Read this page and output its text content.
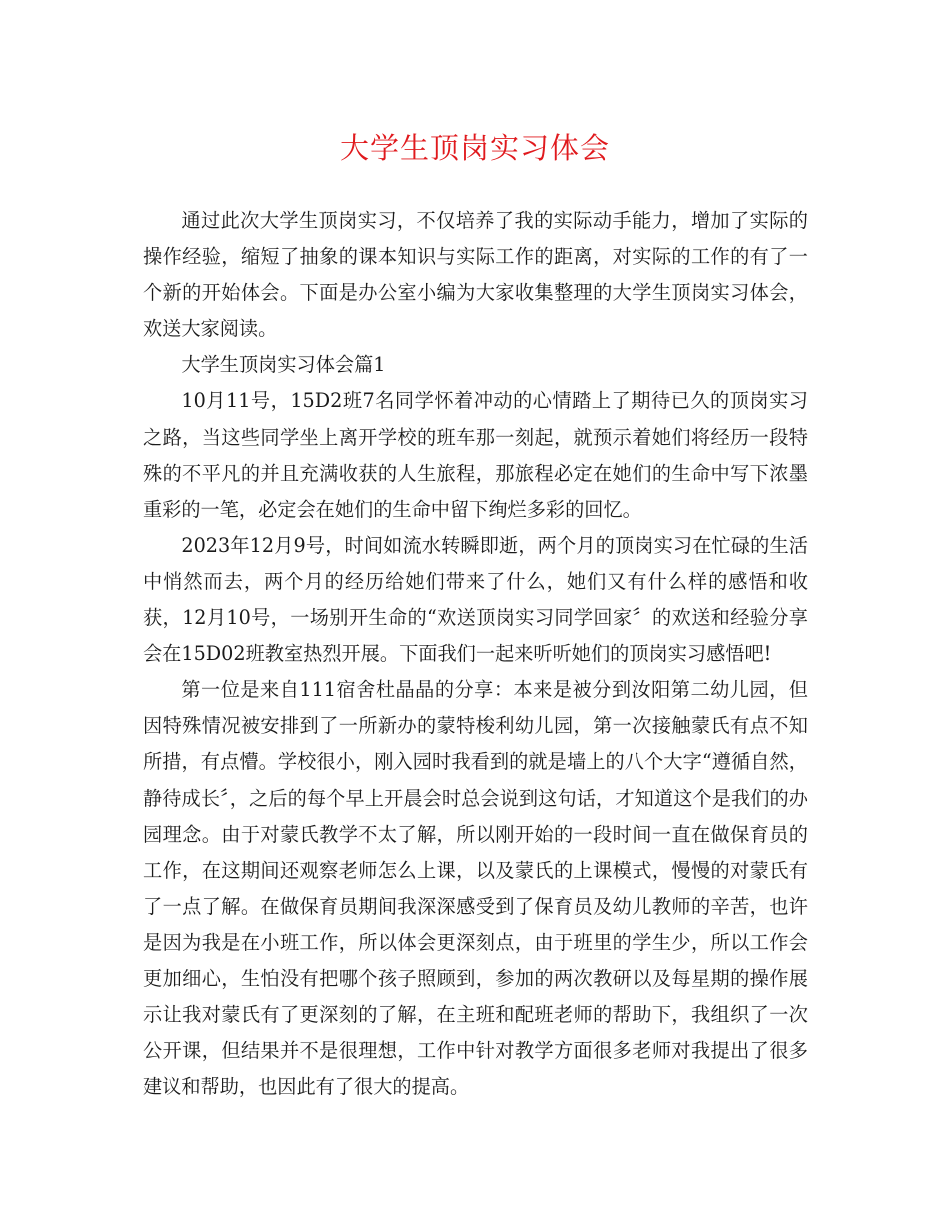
大学生顶岗实习体会

通过此次大学生顶岗实习，不仅培养了我的实际动手能力，增加了实际的操作经验，缩短了抽象的课本知识与实际工作的距离，对实际的工作的有了一个新的开始体会。下面是办公室小编为大家收集整理的大学生顶岗实习体会，欢送大家阅读。

大学生顶岗实习体会篇1

10月11号，15D2班7名同学怀着冲动的心情踏上了期待已久的顶岗实习之路，当这些同学坐上离开学校的班车那一刻起，就预示着她们将经历一段特殊的不平凡的并且充满收获的人生旅程，那旅程必定在她们的生命中写下浓墨重彩的一笔，必定会在她们的生命中留下绚烂多彩的回忆。

2023年12月9号，时间如流水转瞬即逝，两个月的顶岗实习在忙碌的生活中悄然而去，两个月的经历给她们带来了什么，她们又有什么样的感悟和收获，12月10号，一场别开生命的“欢送顶岗实习同学回家〞的欢送和经验分享会在15D02班教室热烈开展。下面我们一起来听听她们的顶岗实习感悟吧!

第一位是来自111宿舍杜晶晶的分享：本来是被分到汝阳第二幼儿园，但因特殊情况被安排到了一所新办的蒙特梭利幼儿园，第一次接触蒙氏有点不知所措，有点懵。学校很小，刚入园时我看到的就是墙上的八个大字“遵循自然，静待成长〞，之后的每个早上开晨会时总会说到这句话，才知道这个是我们的办园理念。由于对蒙氏教学不太了解，所以刚开始的一段时间一直在做保育员的工作，在这期间还观察老师怎么上课，以及蒙氏的上课模式，慢慢的对蒙氏有了一点了解。在做保育员期间我深深感受到了保育员及幼儿教师的辛苦，也许是因为我是在小班工作，所以体会更深刻点，由于班里的学生少，所以工作会更加细心，生怕没有把哪个孩子照顾到，参加的两次教研以及每星期的操作展示让我对蒙氏有了更深刻的了解，在主班和配班老师的帮助下，我组织了一次公开课，但结果并不是很理想，工作中针对教学方面很多老师对我提出了很多建议和帮助，也因此有了很大的提高。
